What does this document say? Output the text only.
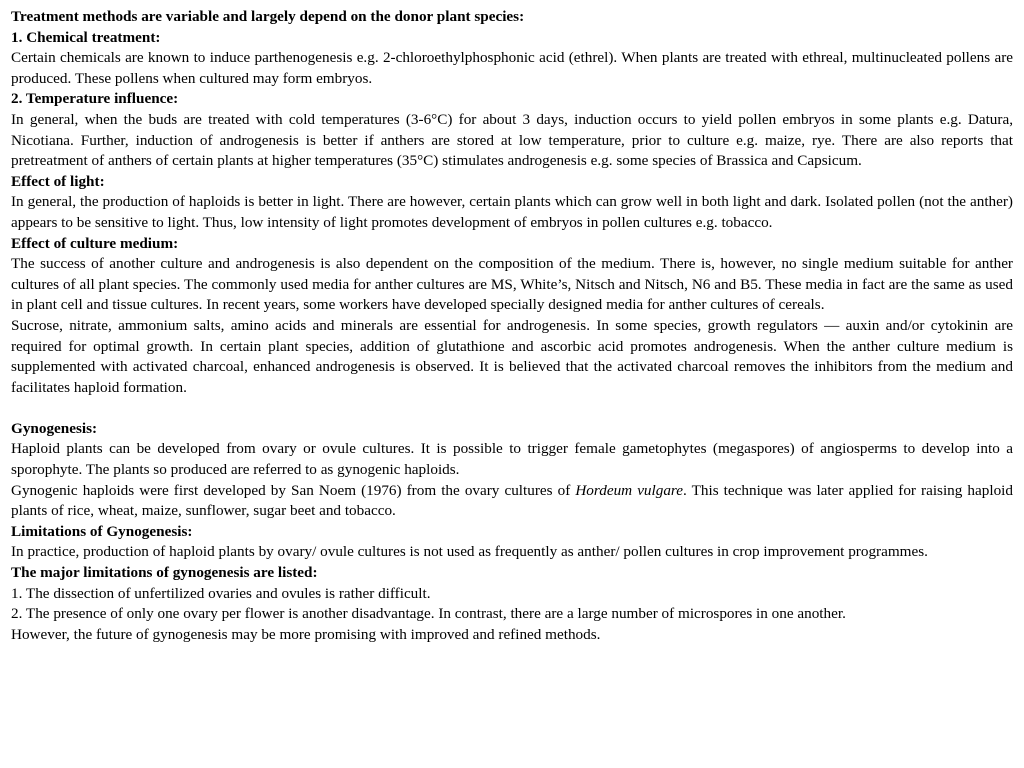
Treatment methods are variable and largely depend on the donor plant species:

1. Chemical treatment:

Certain chemicals are known to induce parthenogenesis e.g. 2-chloroethylphosphonic acid (ethrel). When plants are treated with ethreal, multinucleated pollens are produced. These pollens when cultured may form embryos.

2. Temperature influence:

In general, when the buds are treated with cold temperatures (3-6°C) for about 3 days, induction occurs to yield pollen embryos in some plants e.g. Datura, Nicotiana. Further, induction of androgenesis is better if anthers are stored at low temperature, prior to culture e.g. maize, rye. There are also reports that pretreatment of anthers of certain plants at higher temperatures (35°C) stimulates androgenesis e.g. some species of Brassica and Capsicum.

Effect of light:

In general, the production of haploids is better in light. There are however, certain plants which can grow well in both light and dark. Isolated pollen (not the anther) appears to be sensitive to light. Thus, low intensity of light promotes development of embryos in pollen cultures e.g. tobacco.

Effect of culture medium:

The success of another culture and androgenesis is also dependent on the composition of the medium. There is, however, no single medium suitable for anther cultures of all plant species. The commonly used media for anther cultures are MS, White’s, Nitsch and Nitsch, N6 and B5. These media in fact are the same as used in plant cell and tissue cultures. In recent years, some workers have developed specially designed media for anther cultures of cereals.

Sucrose, nitrate, ammonium salts, amino acids and minerals are essential for androgenesis. In some species, growth regulators — auxin and/or cytokinin are required for optimal growth. In certain plant species, addition of glutathione and ascorbic acid promotes androgenesis. When the anther culture medium is supplemented with activated charcoal, enhanced androgenesis is observed. It is believed that the activated charcoal removes the inhibitors from the medium and facilitates haploid formation.

Gynogenesis:

Haploid plants can be developed from ovary or ovule cultures. It is possible to trigger female gametophytes (megaspores) of angiosperms to develop into a sporophyte. The plants so produced are referred to as gynogenic haploids.

Gynogenic haploids were first developed by San Noem (1976) from the ovary cultures of Hordeum vulgare. This technique was later applied for raising haploid plants of rice, wheat, maize, sunflower, sugar beet and tobacco.

Limitations of Gynogenesis:

In practice, production of haploid plants by ovary/ ovule cultures is not used as frequently as anther/ pollen cultures in crop improvement programmes.

The major limitations of gynogenesis are listed:

1. The dissection of unfertilized ovaries and ovules is rather difficult.

2. The presence of only one ovary per flower is another disadvantage. In contrast, there are a large number of microspores in one another.

However, the future of gynogenesis may be more promising with improved and refined methods.
